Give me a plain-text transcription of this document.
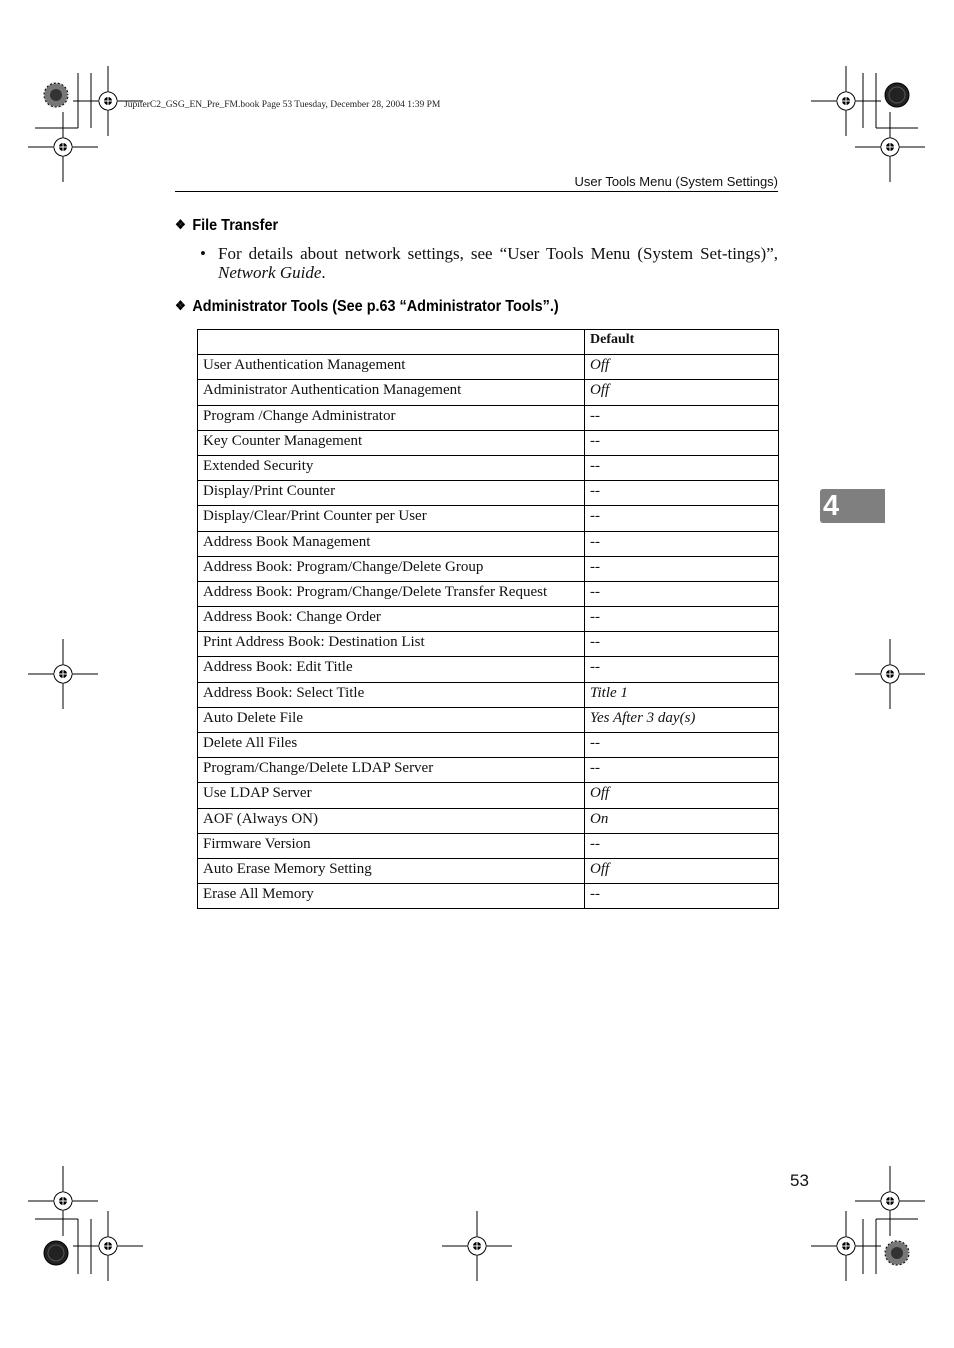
JupiterC2_GSG_EN_Pre_FM.book Page 53 Tuesday, December 28, 2004 1:39 PM
User Tools Menu (System Settings)
❖ File Transfer
• For details about network settings, see “User Tools Menu (System Set-tings)”, Network Guide.
❖ Administrator Tools (See p.63 “Administrator Tools”.)
	Default
User Authentication Management	Off
Administrator Authentication Management	Off
Program /Change Administrator	--
Key Counter Management	--
Extended Security	--
Display/Print Counter	--
Display/Clear/Print Counter per User	--
Address Book Management	--
Address Book: Program/Change/Delete Group	--
Address Book: Program/Change/Delete Transfer Request	--
Address Book: Change Order	--
Print Address Book: Destination List	--
Address Book: Edit Title	--
Address Book: Select Title	Title 1
Auto Delete File	Yes After 3 day(s)
Delete All Files	--
Program/Change/Delete LDAP Server	--
Use LDAP Server	Off
AOF (Always ON)	On
Firmware Version	--
Auto Erase Memory Setting	Off
Erase All Memory	--
4
53
